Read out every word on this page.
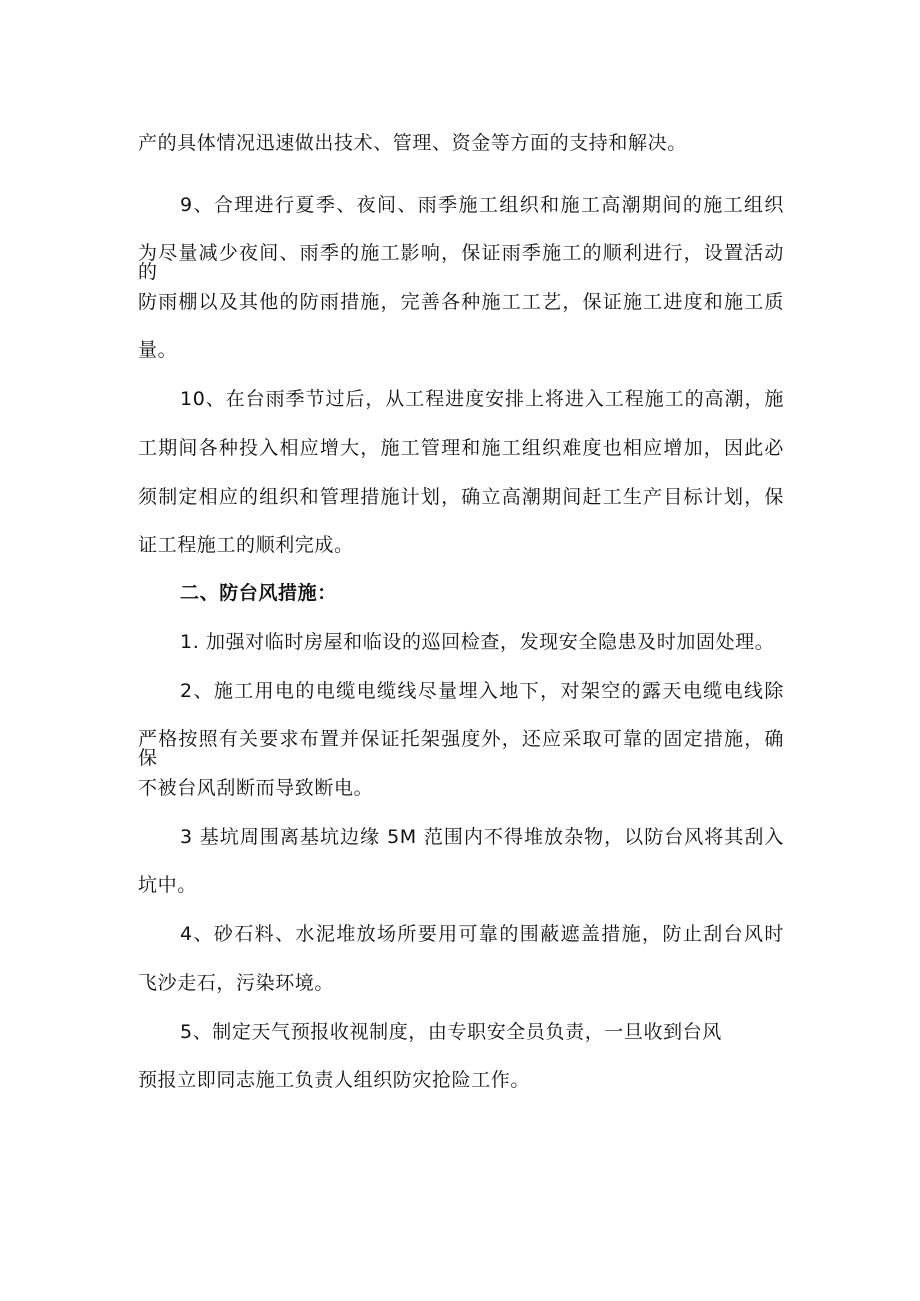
产的具体情况迅速做出技术、管理、资金等方面的支持和解决。
9、合理进行夏季、夜间、雨季施工组织和施工高潮期间的施工组织
为尽量减少夜间、雨季的施工影响，保证雨季施工的顺利进行，设置活动的
防雨棚以及其他的防雨措施，完善各种施工工艺，保证施工进度和施工质
量。
10、在台雨季节过后，从工程进度安排上将进入工程施工的高潮，施
工期间各种投入相应增大，施工管理和施工组织难度也相应增加，因此必
须制定相应的组织和管理措施计划，确立高潮期间赶工生产目标计划，保
证工程施工的顺利完成。
二、防台风措施：
1. 加强对临时房屋和临设的巡回检查，发现安全隐患及时加固处理。
2、施工用电的电缆电缆线尽量埋入地下，对架空的露天电缆电线除
严格按照有关要求布置并保证托架强度外，还应采取可靠的固定措施，确保
不被台风刮断而导致断电。
3 基坑周围离基坑边缘 5M 范围内不得堆放杂物，以防台风将其刮入
坑中。
4、砂石料、水泥堆放场所要用可靠的围蔽遮盖措施，防止刮台风时
飞沙走石，污染环境。
5、制定天气预报收视制度，由专职安全员负责，一旦收到台风
预报立即同志施工负责人组织防灾抢险工作。
